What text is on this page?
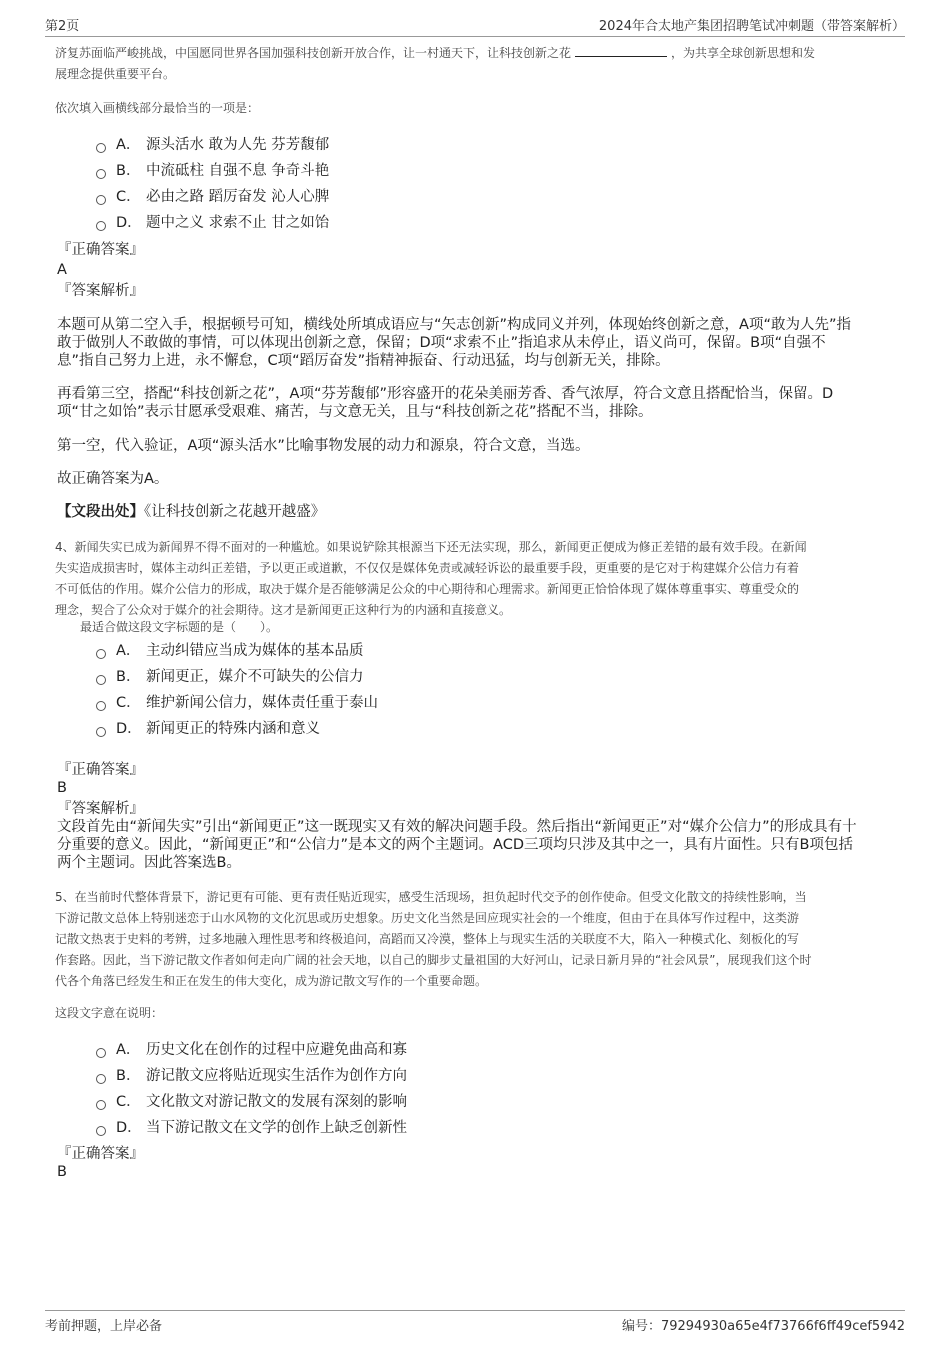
第2页	2024年合太地产集团招聘笔试冲刺题（带答案解析）
济复苏面临严峻挑战，中国愿同世界各国加强科技创新开放合作，让一村通天下，让科技创新之花	，为共享全球创新思想和发
展理念提供重要平台。
依次填入画横线部分最恰当的一项是：
A． 源头活水 敢为人先 芬芳馥郁
B． 中流砥柱 自强不息 争奇斗艳
C． 必由之路 蹈厉奋发 沁人心脾
D． 题中之义 求索不止 甘之如饴
『正确答案』
A
『答案解析』
本题可从第二空入手，根据顿号可知，横线处所填成语应与“矢志创新”构成同义并列，体现始终创新之意，A项“敢为人先”指
敢于做别人不敢做的事情，可以体现出创新之意，保留；D项“求索不止”指追求从未停止，语义尚可，保留。B项“自强不
息”指自己努力上进，永不懈怠，C项“蹈厉奋发”指精神振奋、行动迅猛，均与创新无关，排除。
再看第三空，搭配“科技创新之花”，A项“芬芳馥郁”形容盛开的花朵美丽芳香、香气浓厚，符合文意且搭配恰当，保留。D
项“甘之如饴”表示甘愿承受艰难、痛苦，与文意无关，且与“科技创新之花”搭配不当，排除。
第一空，代入验证，A项“源头活水”比喻事物发展的动力和源泉，符合文意，当选。
故正确答案为A。
【文段出处】《让科技创新之花越开越盛》
4、新闻失实已成为新闻界不得不面对的一种尴尬。如果说铲除其根源当下还无法实现，那么，新闻更正便成为修正差错的最有效手段。在新闻
失实造成损害时，媒体主动纠正差错，予以更正或道歉，不仅仅是媒体免责或减轻诉讼的最重要手段，更重要的是它对于构建媒介公信力有着
不可低估的作用。媒介公信力的形成，取决于媒介是否能够满足公众的中心期待和心理需求。新闻更正恰恰体现了媒体尊重事实、尊重受众的
理念，契合了公众对于媒介的社会期待。这才是新闻更正这种行为的内涵和直接意义。
最适合做这段文字标题的是（　　）。
A． 主动纠错应当成为媒体的基本品质
B． 新闻更正，媒介不可缺失的公信力
C． 维护新闻公信力，媒体责任重于泰山
D． 新闻更正的特殊内涵和意义
『正确答案』
B
『答案解析』
文段首先由“新闻失实”引出“新闻更正”这一既现实又有效的解决问题手段。然后指出“新闻更正”对“媒介公信力”的形成具有十
分重要的意义。因此，“新闻更正”和“公信力”是本文的两个主题词。ACD三项均只涉及其中之一，具有片面性。只有B项包括
两个主题词。因此答案选B。
5、在当前时代整体背景下，游记更有可能、更有责任贴近现实，感受生活现场，担负起时代交予的创作使命。但受文化散文的持续性影响，当
下游记散文总体上特别迷恋于山水风物的文化沉思或历史想象。历史文化当然是回应现实社会的一个维度，但由于在具体写作过程中，这类游
记散文热衷于史料的考辨，过多地融入理性思考和终极追问，高蹈而又冷漠，整体上与现实生活的关联度不大，陷入一种模式化、刻板化的写
作套路。因此，当下游记散文作者如何走向广阔的社会天地，以自己的脚步丈量祖国的大好河山，记录日新月异的“社会风景”，展现我们这个时
代各个角落已经发生和正在发生的伟大变化，成为游记散文写作的一个重要命题。
这段文字意在说明：
A． 历史文化在创作的过程中应避免曲高和寡
B． 游记散文应将贴近现实生活作为创作方向
C． 文化散文对游记散文的发展有深刻的影响
D． 当下游记散文在文学的创作上缺乏创新性
『正确答案』
B
考前押题，上岸必备	编号：79294930a65e4f73766f6ff49cef5942
